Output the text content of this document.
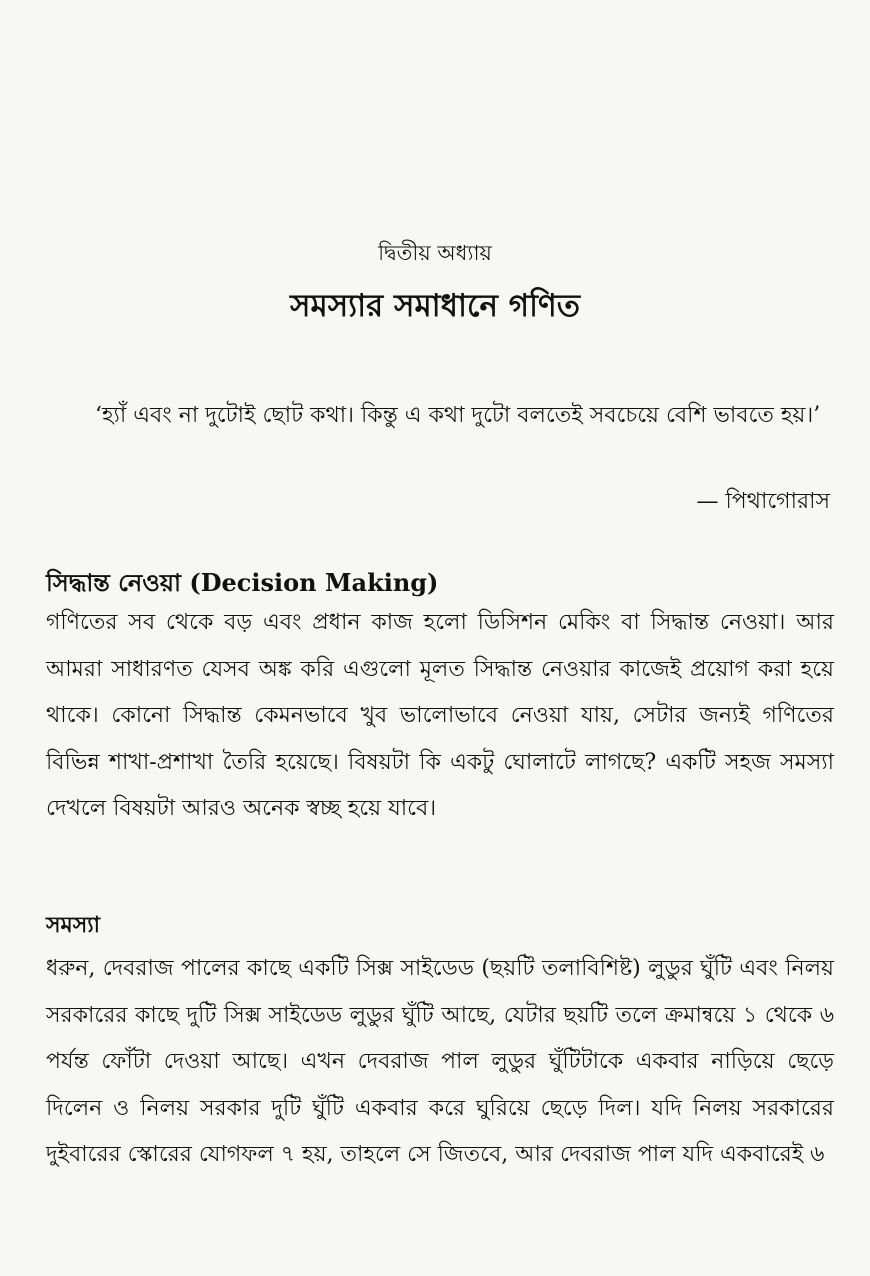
দ্বিতীয় অধ্যায়
সমস্যার সমাধানে গণিত

‘হ্যাঁ এবং না দুটোই ছোট কথা। কিন্তু এ কথা দুটো বলতেই সবচেয়ে বেশি ভাবতে হয়।’

— পিথাগোরাস
সিদ্ধান্ত নেওয়া (Decision Making)

গণিতের সব থেকে বড় এবং প্রধান কাজ হলো ডিসিশন মেকিং বা সিদ্ধান্ত নেওয়া। আর আমরা সাধারণত যেসব অঙ্ক করি এগুলো মূলত সিদ্ধান্ত নেওয়ার কাজেই প্রয়োগ করা হয়ে থাকে। কোনো সিদ্ধান্ত কেমনভাবে খুব ভালোভাবে নেওয়া যায়, সেটার জন্যই গণিতের বিভিন্ন শাখা-প্রশাখা তৈরি হয়েছে। বিষয়টা কি একটু ঘোলাটে লাগছে? একটি সহজ সমস্যা দেখলে বিষয়টা আরও অনেক স্বচ্ছ হয়ে যাবে।

সমস্যা

ধরুন, দেবরাজ পালের কাছে একটি সিক্স সাইডেড (ছয়টি তলাবিশিষ্ট) লুডুর ঘুঁটি এবং নিলয় সরকারের কাছে দুটি সিক্স সাইডেড লুডুর ঘুঁটি আছে, যেটার ছয়টি তলে ক্রমান্বয়ে ১ থেকে ৬ পর্যন্ত ফোঁটা দেওয়া আছে। এখন দেবরাজ পাল লুডুর ঘুঁটিটাকে একবার নাড়িয়ে ছেড়ে দিলেন ও নিলয় সরকার দুটি ঘুঁটি একবার করে ঘুরিয়ে ছেড়ে দিল। যদি নিলয় সরকারের দুইবারের স্কোরের যোগফল ৭ হয়, তাহলে সে জিতবে, আর দেবরাজ পাল যদি একবারেই ৬
